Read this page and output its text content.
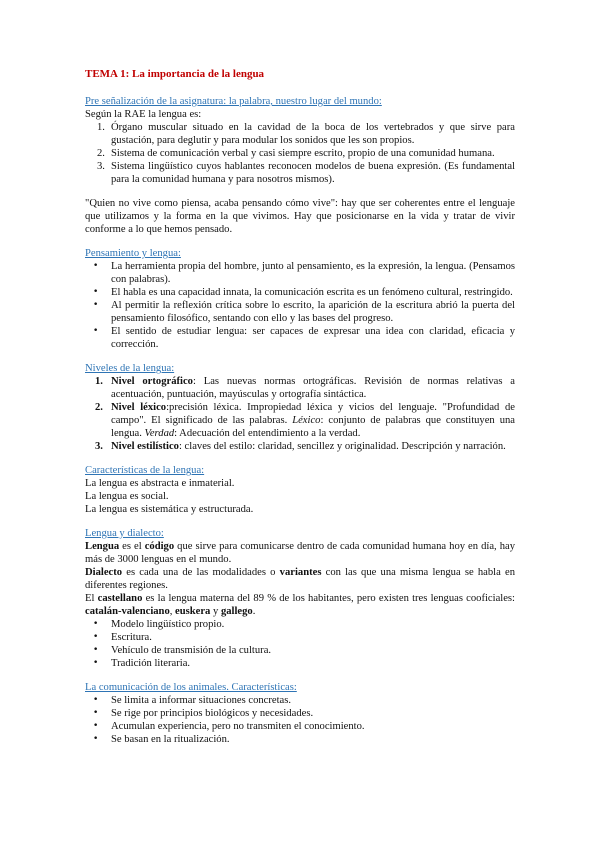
TEMA 1: La importancia de la lengua
Pre señalización de la asignatura: la palabra, nuestro lugar del mundo:
Según la RAE la lengua es:
Órgano muscular situado en la cavidad de la boca de los vertebrados y que sirve para gustación, para deglutir y para modular los sonidos que les son propios.
Sistema de comunicación verbal y casi siempre escrito, propio de una comunidad humana.
Sistema lingüístico cuyos hablantes reconocen modelos de buena expresión. (Es fundamental para la comunidad humana y para nosotros mismos).
"Quien no vive como piensa, acaba pensando cómo vive": hay que ser coherentes entre el lenguaje que utilizamos y la forma en la que vivimos. Hay que posicionarse en la vida y tratar de vivir conforme a lo que hemos pensado.
Pensamiento y lengua:
• La herramienta propia del hombre, junto al pensamiento, es la expresión, la lengua. (Pensamos con palabras).
• El habla es una capacidad innata, la comunicación escrita es un fenómeno cultural, restringido.
• Al permitir la reflexión crítica sobre lo escrito, la aparición de la escritura abrió la puerta del pensamiento filosófico, sentando con ello y las bases del progreso.
• El sentido de estudiar lengua: ser capaces de expresar una idea con claridad, eficacia y corrección.
Niveles de la lengua:
Nivel ortográfico: Las nuevas normas ortográficas. Revisión de normas relativas a acentuación, puntuación, mayúsculas y ortografía sintáctica.
Nivel léxico:precisión léxica. Impropiedad léxica y vicios del lenguaje. "Profundidad de campo". El significado de las palabras. Léxico: conjunto de palabras que constituyen una lengua. Verdad: Adecuación del entendimiento a la verdad.
Nivel estilístico: claves del estilo: claridad, sencillez y originalidad. Descripción y narración.
Características de la lengua:
La lengua es abstracta e inmaterial.
La lengua es social.
La lengua es sistemática y estructurada.
Lengua y dialecto:
Lengua es el código que sirve para comunicarse dentro de cada comunidad humana hoy en día, hay más de 3000 lenguas en el mundo.
Dialecto es cada una de las modalidades o variantes con las que una misma lengua se habla en diferentes regiones.
El castellano es la lengua materna del 89 % de los habitantes, pero existen tres lenguas cooficiales: catalán-valenciano, euskera y gallego.
• Modelo lingüístico propio.
• Escritura.
• Vehículo de transmisión de la cultura.
• Tradición literaria.
La comunicación de los animales. Características:
• Se limita a informar situaciones concretas.
• Se rige por principios biológicos y necesidades.
• Acumulan experiencia, pero no transmiten el conocimiento.
• Se basan en la ritualización.
